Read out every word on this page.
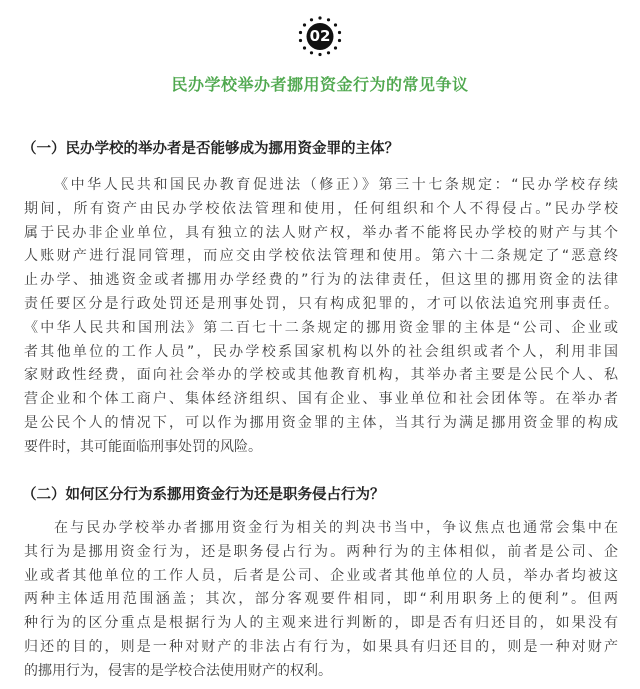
02
民办学校举办者挪用资金行为的常见争议
（一）民办学校的举办者是否能够成为挪用资金罪的主体？
《中华人民共和国民办教育促进法（修正）》第三十七条规定：“民办学校存续
期间，所有资产由民办学校依法管理和使用，任何组织和个人不得侵占。”民办学校
属于民办非企业单位，具有独立的法人财产权，举办者不能将民办学校的财产与其个
人账财产进行混同管理，而应交由学校依法管理和使用。第六十二条规定了“恶意终
止办学、抽逃资金或者挪用办学经费的”行为的法律责任，但这里的挪用资金的法律
责任要区分是行政处罚还是刑事处罚，只有构成犯罪的，才可以依法追究刑事责任。
《中华人民共和国刑法》第二百七十二条规定的挪用资金罪的主体是“公司、企业或
者其他单位的工作人员”，民办学校系国家机构以外的社会组织或者个人，利用非国
家财政性经费，面向社会举办的学校或其他教育机构，其举办者主要是公民个人、私
营企业和个体工商户、集体经济组织、国有企业、事业单位和社会团体等。在举办者
是公民个人的情况下，可以作为挪用资金罪的主体，当其行为满足挪用资金罪的构成
要件时，其可能面临刑事处罚的风险。
（二）如何区分行为系挪用资金行为还是职务侵占行为？
在与民办学校举办者挪用资金行为相关的判决书当中，争议焦点也通常会集中在
其行为是挪用资金行为，还是职务侵占行为。两种行为的主体相似，前者是公司、企
业或者其他单位的工作人员，后者是公司、企业或者其他单位的人员，举办者均被这
两种主体适用范围涵盖；其次，部分客观要件相同，即“利用职务上的便利”。但两
种行为的区分重点是根据行为人的主观来进行判断的，即是否有归还目的，如果没有
归还的目的，则是一种对财产的非法占有行为，如果具有归还目的，则是一种对财产
的挪用行为，侵害的是学校合法使用财产的权利。
